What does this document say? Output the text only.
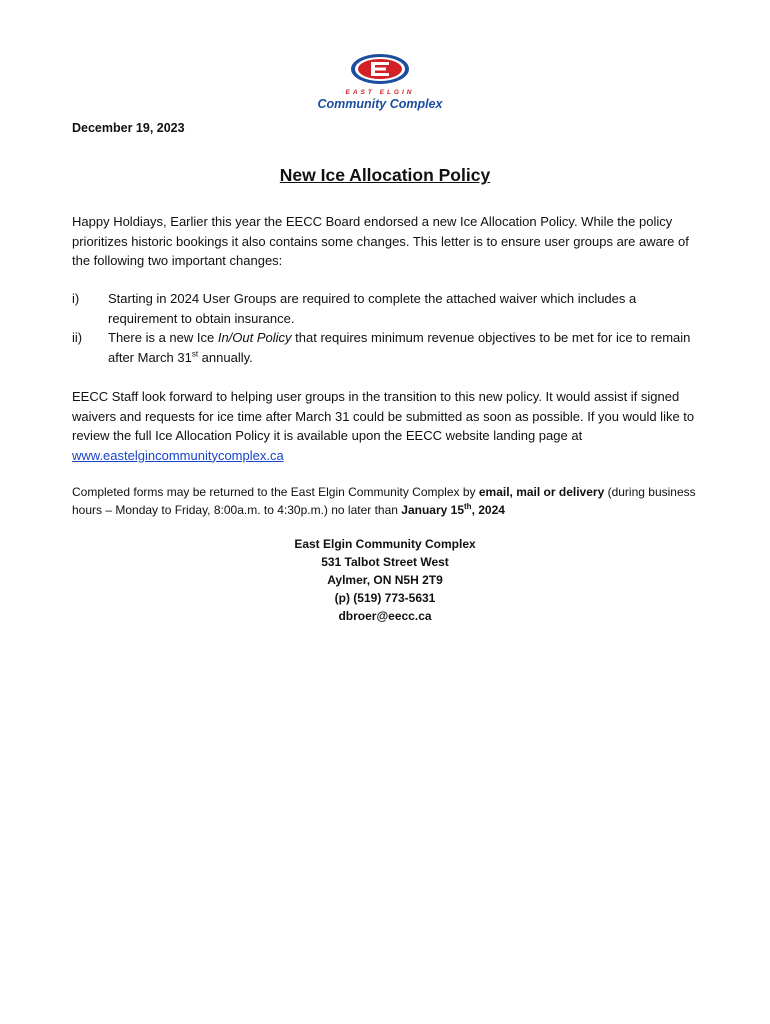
EAST ELGIN
Community Complex
December 19, 2023
New Ice Allocation Policy
Happy Holdiays, Earlier this year the EECC Board endorsed a new Ice Allocation Policy. While the policy prioritizes historic bookings it also contains some changes. This letter is to ensure user groups are aware of the following two important changes:
i) Starting in 2024 User Groups are required to complete the attached waiver which includes a requirement to obtain insurance.
ii) There is a new Ice In/Out Policy that requires minimum revenue objectives to be met for ice to remain after March 31st annually.
EECC Staff look forward to helping user groups in the transition to this new policy. It would assist if signed waivers and requests for ice time after March 31 could be submitted as soon as possible. If you would like to review the full Ice Allocation Policy it is available upon the EECC website landing page at www.eastelgincommunitycomplex.ca
Completed forms may be returned to the East Elgin Community Complex by email, mail or delivery (during business hours – Monday to Friday, 8:00a.m. to 4:30p.m.) no later than January 15th, 2024
East Elgin Community Complex
531 Talbot Street West
Aylmer, ON N5H 2T9
(p) (519) 773-5631
dbroer@eecc.ca
